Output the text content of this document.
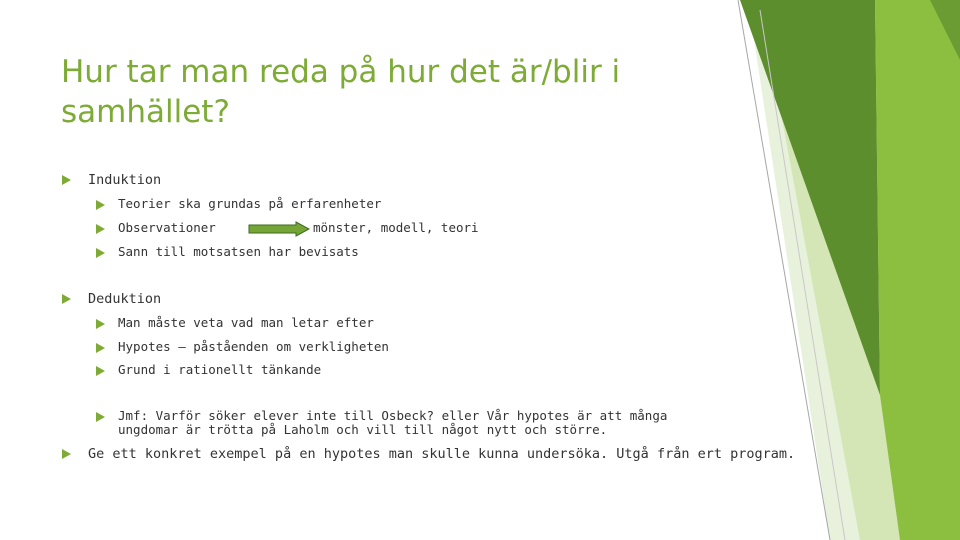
Hur tar man reda på hur det är/blir i samhället?
Induktion
Teorier ska grundas på erfarenheter
Observationer	mönster, modell, teori
Sann till motsatsen har bevisats
Deduktion
Man måste veta vad man letar efter
Hypotes – påståenden om verkligheten
Grund i rationellt tänkande
Jmf: Varför söker elever inte till Osbeck? eller Vår hypotes är att många ungdomar är trötta på Laholm och vill till något nytt och större.
Ge ett konkret exempel på en hypotes man skulle kunna undersöka. Utgå från ert program.
